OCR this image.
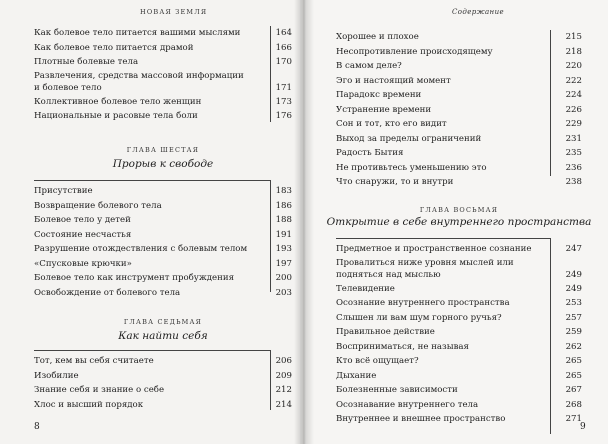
НОВАЯ ЗЕМЛЯ
Как болевое тело питается вашими мыслями	164
Как болевое тело питается драмой	166
Плотные болевые тела	170
Развлечения, средства массовой информации
и болевое тело	171
Коллективное болевое тело женщин	173
Национальные и расовые тела боли	176
ГЛАВА ШЕСТАЯ
Прорыв к свободе
Присутствие	183
Возвращение болевого тела	186
Болевое тело у детей	188
Состояние несчастья	191
Разрушение отождествления с болевым телом	193
«Спусковые крючки»	197
Болевое тело как инструмент пробуждения	200
Освобождение от болевого тела	203
ГЛАВА СЕДЬМАЯ
Как найти себя
Тот, кем вы себя считаете	206
Изобилие	209
Знание себя и знание о себе	212
Хлос и высший порядок	214
8
Содержание
Хорошее и плохое	215
Несопротивление происходящему	218
В самом деле?	220
Эго и настоящий момент	222
Парадокс времени	224
Устранение времени	226
Сон и тот, кто его видит	229
Выход за пределы ограничений	231
Радость Бытия	235
Не противьтесь уменьшению это	236
Что снаружи, то и внутри	238
ГЛАВА ВОСЬМАЯ
Открытие в себе внутреннего пространства
Предметное и пространственное сознание	247
Провалиться ниже уровня мыслей или
подняться над мыслью	249
Телевидение	249
Осознание внутреннего пространства	253
Слышен ли вам шум горного ручья?	257
Правильное действие	259
Восприниматься, не называя	262
Кто всё ощущает?	265
Дыхание	265
Болезненные зависимости	267
Осознавание внутреннего тела	268
Внутреннее и внешнее пространство	271
9
